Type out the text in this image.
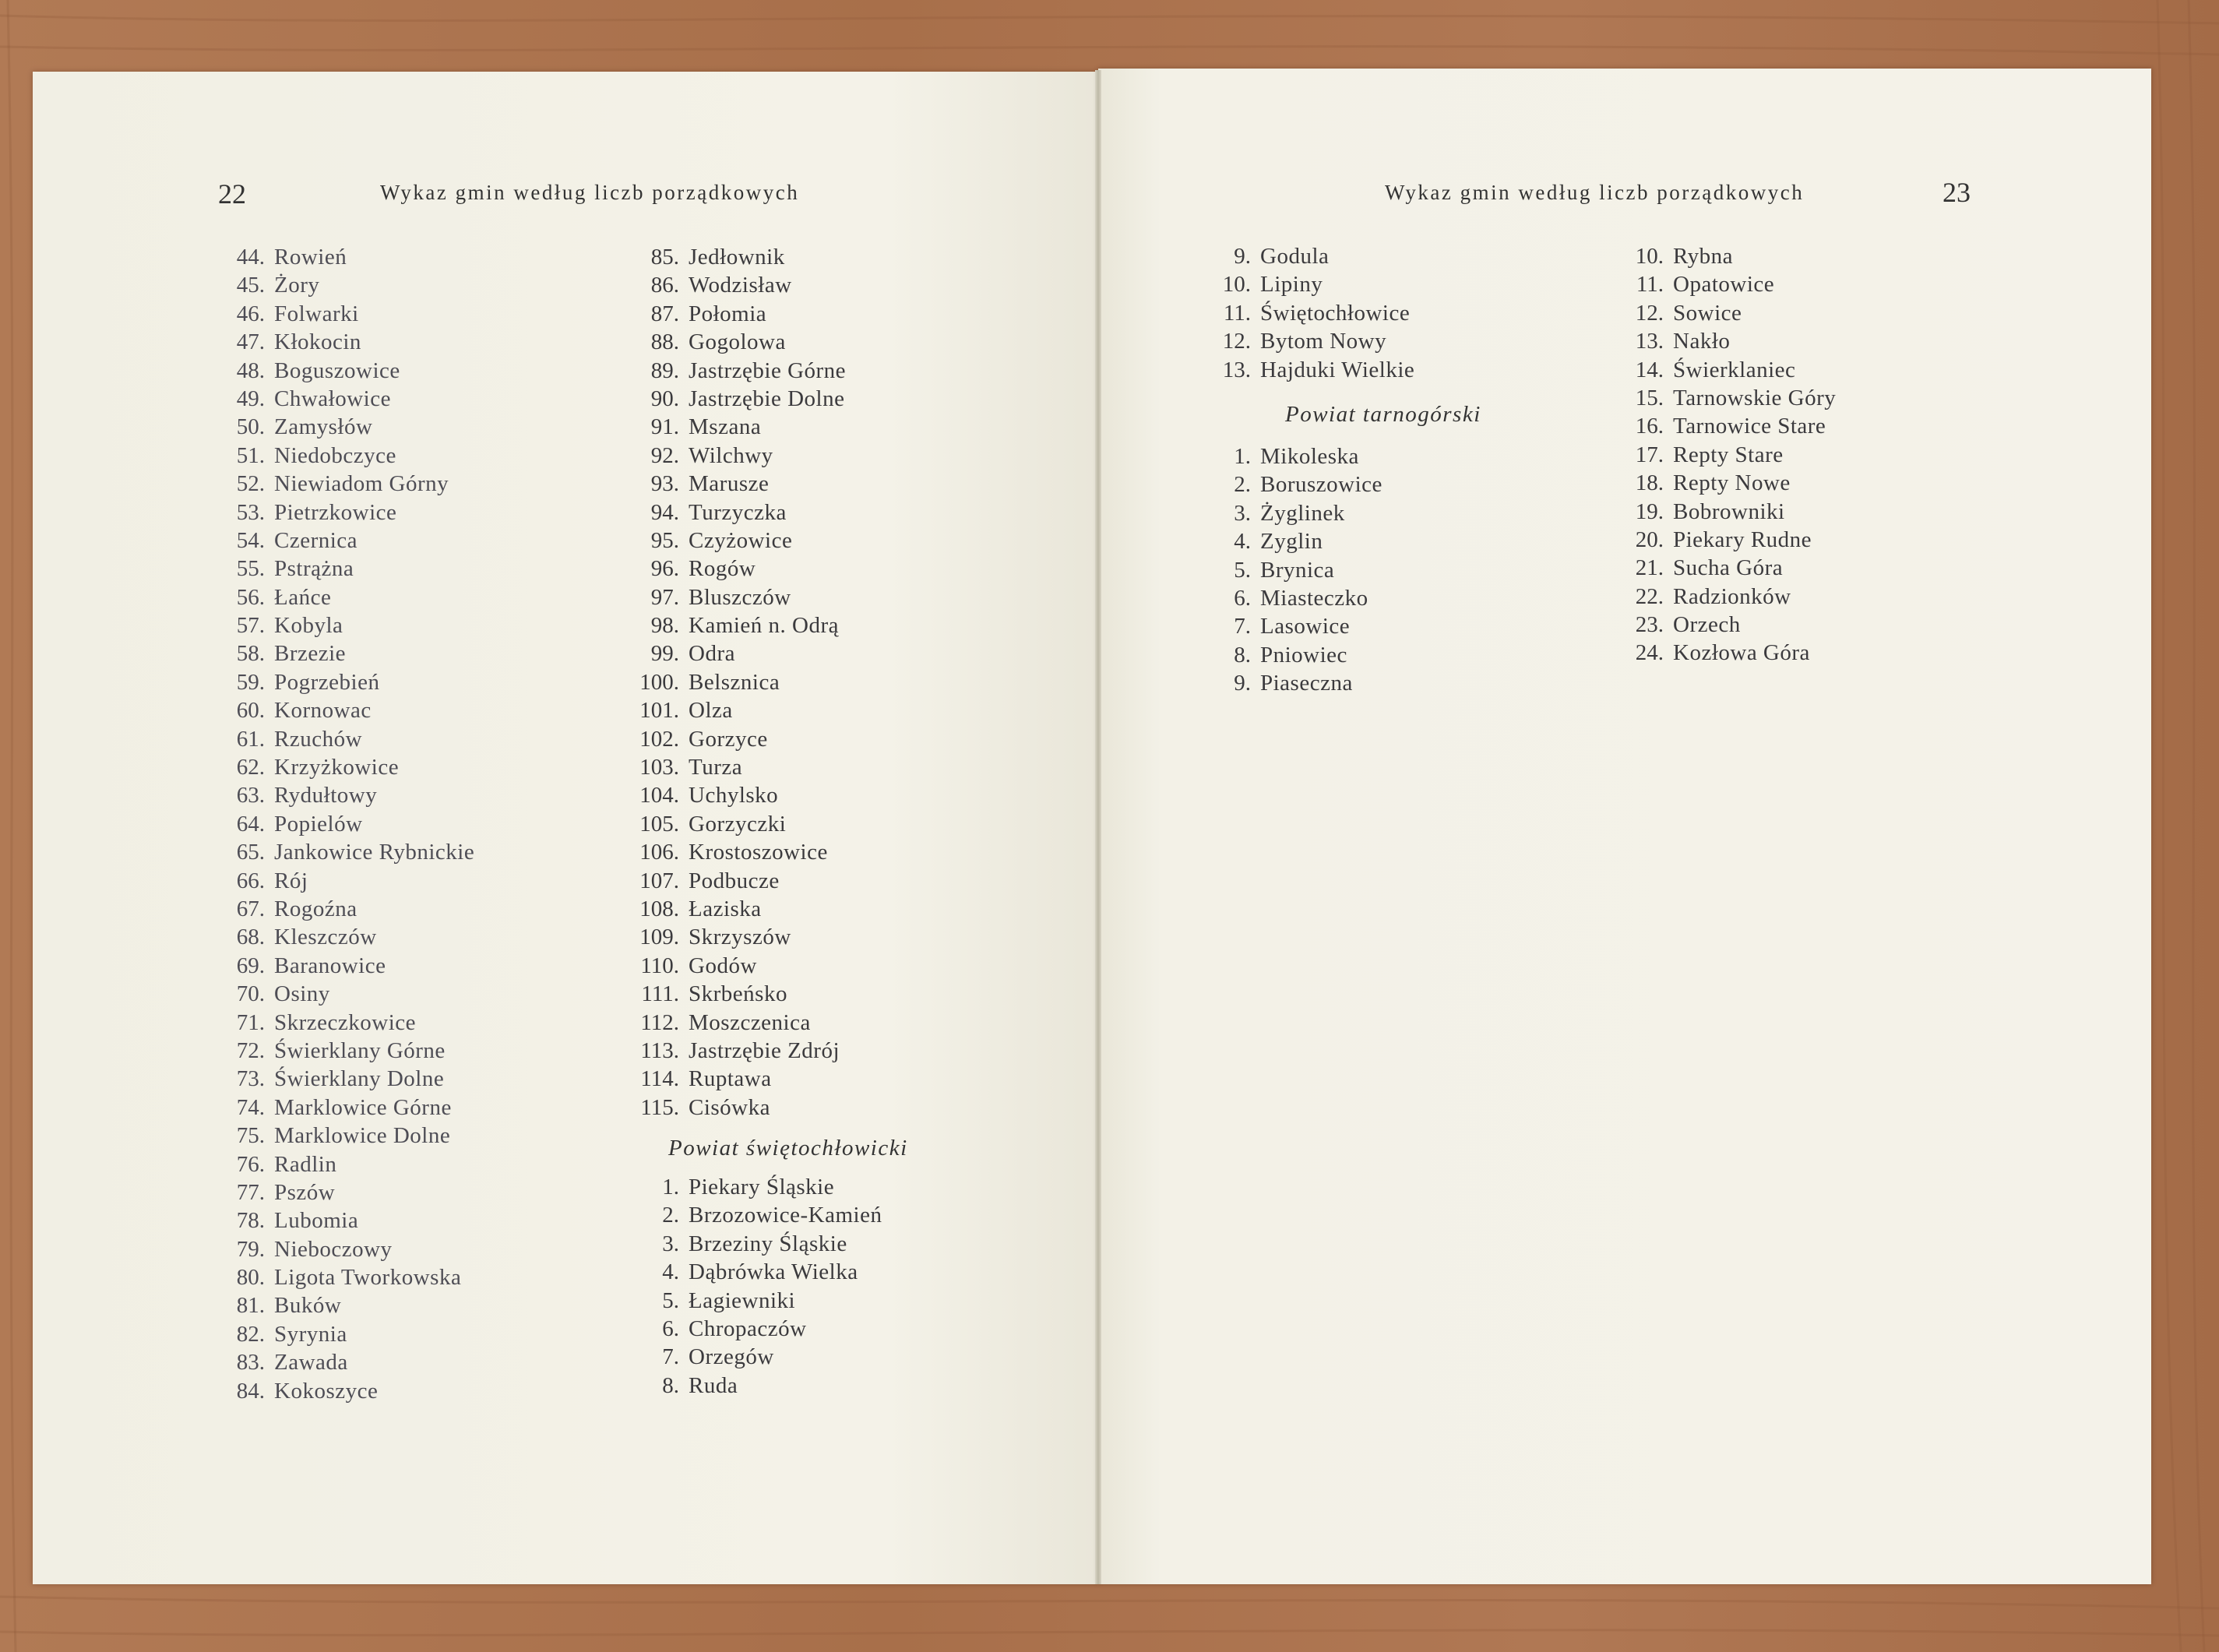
22	Wykaz gmin według liczb porządkowych
44. Rowień
45. Żory
46. Folwarki
47. Kłokocin
48. Boguszowice
49. Chwałowice
50. Zamysłów
51. Niedobczyce
52. Niewiadom Górny
53. Pietrzkowice
54. Czernica
55. Pstrążna
56. Łańce
57. Kobyla
58. Brzezie
59. Pogrzebień
60. Kornowac
61. Rzuchów
62. Krzyżkowice
63. Rydułtowy
64. Popielów
65. Jankowice Rybnickie
66. Rój
67. Rogoźna
68. Kleszczów
69. Baranowice
70. Osiny
71. Skrzeczkowice
72. Świerklany Górne
73. Świerklany Dolne
74. Marklowice Górne
75. Marklowice Dolne
76. Radlin
77. Pszów
78. Lubomia
79. Nieboczowy
80. Ligota Tworkowska
81. Buków
82. Syrynia
83. Zawada
84. Kokoszyce
85. Jedłownik
86. Wodzisław
87. Połomia
88. Gogolowa
89. Jastrzębie Górne
90. Jastrzębie Dolne
91. Mszana
92. Wilchwy
93. Marusze
94. Turzyczka
95. Czyżowice
96. Rogów
97. Bluszczów
98. Kamień n. Odrą
99. Odra
100. Belsznica
101. Olza
102. Gorzyce
103. Turza
104. Uchylsko
105. Gorzyczki
106. Krostoszowice
107. Podbucze
108. Łaziska
109. Skrzyszów
110. Godów
111. Skrbeńsko
112. Moszczenica
113. Jastrzębie Zdrój
114. Ruptawa
115. Cisówka
Powiat świętochłowicki
1. Piekary Śląskie
2. Brzozowice-Kamień
3. Brzeziny Śląskie
4. Dąbrówka Wielka
5. Łagiewniki
6. Chropaczów
7. Orzegów
8. Ruda
Wykaz gmin według liczb porządkowych	23
9. Godula
10. Lipiny
11. Świętochłowice
12. Bytom Nowy
13. Hajduki Wielkie
Powiat tarnogórski
1. Mikoleska
2. Boruszowice
3. Żyglinek
4. Zyglin
5. Brynica
6. Miasteczko
7. Lasowice
8. Pniowiec
9. Piaseczna
10. Rybna
11. Opatowice
12. Sowice
13. Nakło
14. Świerklaniec
15. Tarnowskie Góry
16. Tarnowice Stare
17. Repty Stare
18. Repty Nowe
19. Bobrowniki
20. Piekary Rudne
21. Sucha Góra
22. Radzionków
23. Orzech
24. Kozłowa Góra
